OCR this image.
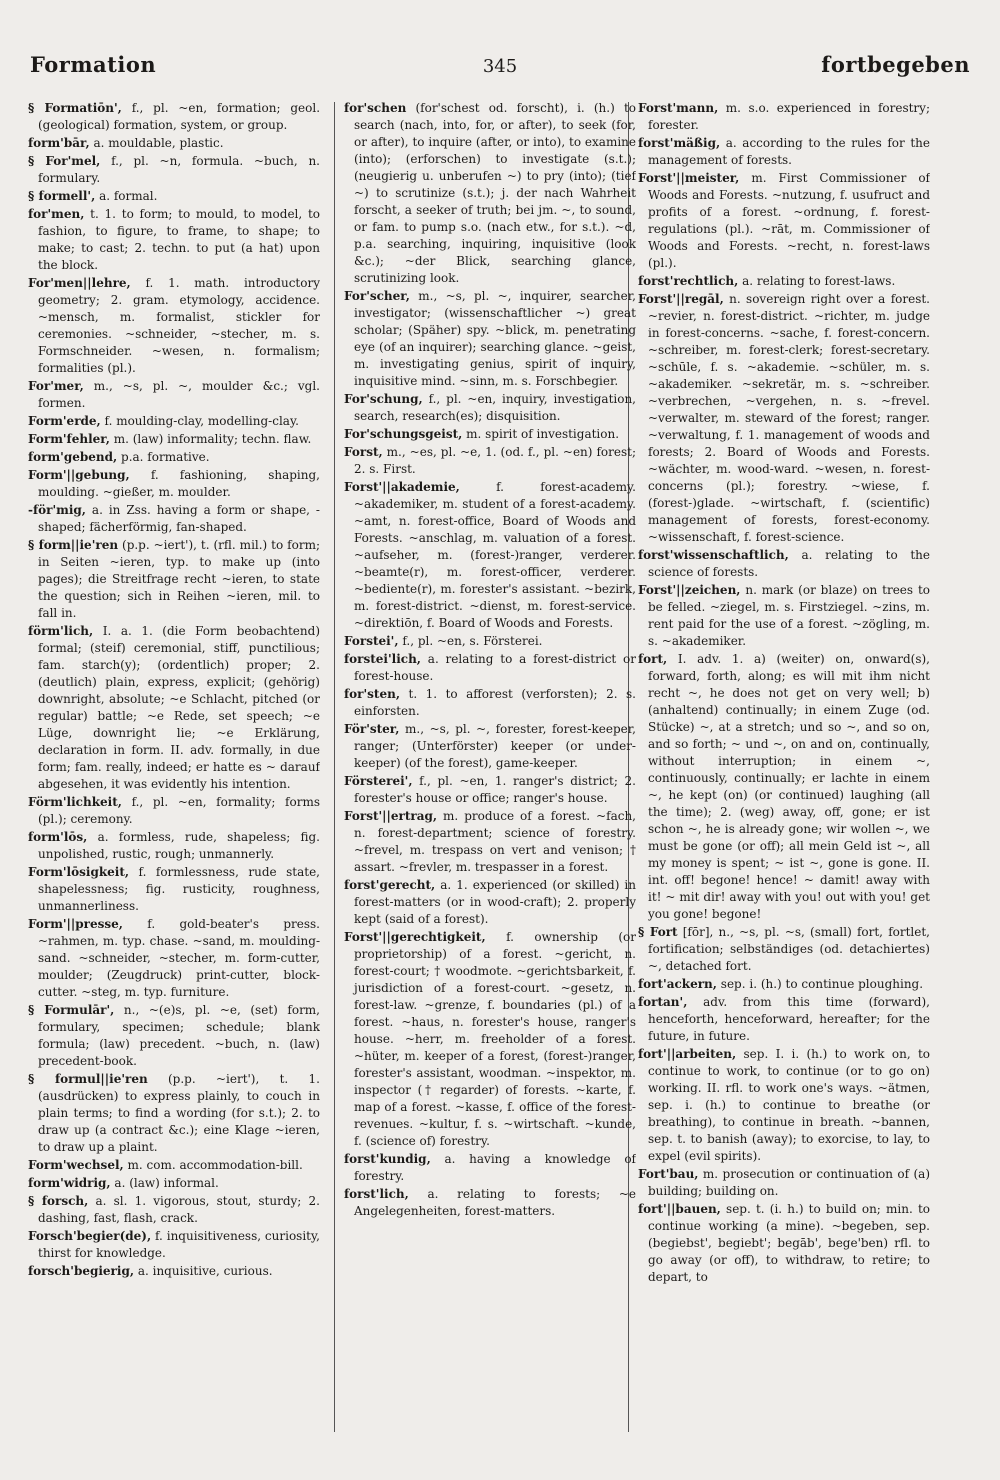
Formation	345	fortbegeben

§ Formatiōn', f., pl. ~en, formation; geol. (geological) formation, system, or group.

form'bār, a. mouldable, plastic.

§ For'mel, f., pl. ~n, formula. ~buch, n. formulary.

§ formell', a. formal.

for'men, t. 1. to form; to mould, to model, to fashion, to figure, to frame, to shape; to make; to cast; 2. techn. to put (a hat) upon the block.

For'men||lehre, f. 1. math. introductory geometry; 2. gram. etymology, accidence. ~mensch, m. formalist, stickler for ceremonies. ~schneider, ~stecher, m. s. Formschneider. ~wesen, n. formalism; formalities (pl.).

For'mer, m., ~s, pl. ~, moulder &c.; vgl. formen.

Form'erde, f. moulding-clay, modelling-clay.

Form'fehler, m. (law) informality; techn. flaw.

form'gebend, p.a. formative.

Form'||gebung, f. fashioning, shaping, moulding. ~gießer, m. moulder.

-för'mig, a. in Zss. having a form or shape, -shaped; fächerförmig, fan-shaped.

§ form||ie'ren (p.p. ~iert'), t. (rfl. mil.) to form; in Seiten ~ieren, typ. to make up (into pages); die Streitfrage recht ~ieren, to state the question; sich in Reihen ~ieren, mil. to fall in.

förm'lich, I. a. 1. (die Form beobachtend) formal; (steif) ceremonial, stiff, punctilious; fam. starch(y); (ordentlich) proper; 2. (deutlich) plain, express, explicit; (gehörig) downright, absolute; ~e Schlacht, pitched (or regular) battle; ~e Rede, set speech; ~e Lüge, downright lie; ~e Erklärung, declaration in form. II. adv. formally, in due form; fam. really, indeed; er hatte es ~ darauf abgesehen, it was evidently his intention.

Förm'lichkeit, f., pl. ~en, formality; forms (pl.); ceremony.

form'lōs, a. formless, rude, shapeless; fig. unpolished, rustic, rough; unmannerly.

Form'lōsigkeit, f. formlessness, rude state, shapelessness; fig. rusticity, roughness, unmannerliness.

Form'||presse, f. gold-beater's press. ~rahmen, m. typ. chase. ~sand, m. moulding-sand. ~schneider, ~stecher, m. form-cutter, moulder; (Zeugdruck) print-cutter, block-cutter. ~steg, m. typ. furniture.

§ Formulār', n., ~(e)s, pl. ~e, (set) form, formulary, specimen; schedule; blank formula; (law) precedent. ~buch, n. (law) precedent-book.

§ formul||ie'ren (p.p. ~iert'), t. 1. (ausdrücken) to express plainly, to couch in plain terms; to find a wording (for s.t.); 2. to draw up (a contract &c.); eine Klage ~ieren, to draw up a plaint.

Form'wechsel, m. com. accommodation-bill.

form'widrig, a. (law) informal.

§ forsch, a. sl. 1. vigorous, stout, sturdy; 2. dashing, fast, flash, crack.

Forsch'begier(de), f. inquisitiveness, curiosity, thirst for knowledge.

forsch'begierig, a. inquisitive, curious.

for'schen (for'schest od. forscht), i. (h.) to search (nach, into, for, or after), to seek (for, or after), to inquire (after, or into), to examine (into); (erforschen) to investigate (s.t.); (neugierig u. unberufen ~) to pry (into); (tief ~) to scrutinize (s.t.); j. der nach Wahrheit forscht, a seeker of truth; bei jm. ~, to sound, or fam. to pump s.o. (nach etw., for s.t.). ~d, p.a. searching, inquiring, inquisitive (look &c.); ~der Blick, searching glance, scrutinizing look.

For'scher, m., ~s, pl. ~, inquirer, searcher, investigator; (wissenschaftlicher ~) great scholar; (Späher) spy. ~blick, m. penetrating eye (of an inquirer); searching glance. ~geist, m. investigating genius, spirit of inquiry, inquisitive mind. ~sinn, m. s. Forschbegier.

For'schung, f., pl. ~en, inquiry, investigation, search, research(es); disquisition.

For'schungsgeist, m. spirit of investigation.

Forst, m., ~es, pl. ~e, 1. (od. f., pl. ~en) forest; 2. s. First.

Forst'||akademie, f. forest-academy. ~akademiker, m. student of a forest-academy. ~amt, n. forest-office, Board of Woods and Forests. ~anschlag, m. valuation of a forest. ~aufseher, m. (forest-)ranger, verderer. ~beamte(r), m. forest-officer, verderer. ~bediente(r), m. forester's assistant. ~bezirk, m. forest-district. ~dienst, m. forest-service. ~direktiōn, f. Board of Woods and Forests.

Forstei', f., pl. ~en, s. Försterei.

forstei'lich, a. relating to a forest-district or forest-house.

for'sten, t. 1. to afforest (verforsten); 2. s. einforsten.

För'ster, m., ~s, pl. ~, forester, forest-keeper, ranger; (Unterförster) keeper (or under-keeper) (of the forest), game-keeper.

Försterei', f., pl. ~en, 1. ranger's district; 2. forester's house or office; ranger's house.

Forst'||ertrag, m. produce of a forest. ~fach, n. forest-department; science of forestry. ~frevel, m. trespass on vert and venison; † assart. ~frevler, m. trespasser in a forest.

forst'gerecht, a. 1. experienced (or skilled) in forest-matters (or in wood-craft); 2. properly kept (said of a forest).

Forst'||gerechtigkeit, f. ownership (or proprietorship) of a forest. ~gericht, n. forest-court; † woodmote. ~gerichtsbarkeit, f. jurisdiction of a forest-court. ~gesetz, n. forest-law. ~grenze, f. boundaries (pl.) of a forest. ~haus, n. forester's house, ranger's house. ~herr, m. freeholder of a forest. ~hüter, m. keeper of a forest, (forest-)ranger, forester's assistant, woodman. ~inspektor, m. inspector († regarder) of forests. ~karte, f. map of a forest. ~kasse, f. office of the forest-revenues. ~kultur, f. s. ~wirtschaft. ~kunde, f. (science of) forestry.

forst'kundig, a. having a knowledge of forestry.

forst'lich, a. relating to forests; ~e Angelegenheiten, forest-matters.

Forst'mann, m. s.o. experienced in forestry; forester.

forst'mäßig, a. according to the rules for the management of forests.

Forst'||meister, m. First Commissioner of Woods and Forests. ~nutzung, f. usufruct and profits of a forest. ~ordnung, f. forest-regulations (pl.). ~rāt, m. Commissioner of Woods and Forests. ~recht, n. forest-laws (pl.).

forst'rechtlich, a. relating to forest-laws.

Forst'||regāl, n. sovereign right over a forest. ~revier, n. forest-district. ~richter, m. judge in forest-concerns. ~sache, f. forest-concern. ~schreiber, m. forest-clerk; forest-secretary. ~schūle, f. s. ~akademie. ~schüler, m. s. ~akademiker. ~sekretär, m. s. ~schreiber. ~verbrechen, ~vergehen, n. s. ~frevel. ~verwalter, m. steward of the forest; ranger. ~verwaltung, f. 1. management of woods and forests; 2. Board of Woods and Forests. ~wächter, m. wood-ward. ~wesen, n. forest-concerns (pl.); forestry. ~wiese, f. (forest-)glade. ~wirtschaft, f. (scientific) management of forests, forest-economy. ~wissenschaft, f. forest-science.

forst'wissenschaftlich, a. relating to the science of forests.

Forst'||zeichen, n. mark (or blaze) on trees to be felled. ~ziegel, m. s. Firstziegel. ~zins, m. rent paid for the use of a forest. ~zögling, m. s. ~akademiker.

fort, I. adv. 1. a) (weiter) on, onward(s), forward, forth, along; es will mit ihm nicht recht ~, he does not get on very well; b) (anhaltend) continually; in einem Zuge (od. Stücke) ~, at a stretch; und so ~, and so on, and so forth; ~ und ~, on and on, continually, without interruption; in einem ~, continuously, continually; er lachte in einem ~, he kept (on) (or continued) laughing (all the time); 2. (weg) away, off, gone; er ist schon ~, he is already gone; wir wollen ~, we must be gone (or off); all mein Geld ist ~, all my money is spent; ~ ist ~, gone is gone. II. int. off! begone! hence! ~ damit! away with it! ~ mit dir! away with you! out with you! get you gone! begone!

§ Fort [fōr], n., ~s, pl. ~s, (small) fort, fortlet, fortification; selbständiges (od. detachiertes) ~, detached fort.

fort'ackern, sep. i. (h.) to continue ploughing.

fortan', adv. from this time (forward), henceforth, henceforward, hereafter; for the future, in future.

fort'||arbeiten, sep. I. i. (h.) to work on, to continue to work, to continue (or to go on) working. II. rfl. to work one's ways. ~ätmen, sep. i. (h.) to continue to breathe (or breathing), to continue in breath. ~bannen, sep. t. to banish (away); to exorcise, to lay, to expel (evil spirits).

Fort'bau, m. prosecution or continuation of (a) building; building on.

fort'||bauen, sep. t. (i. h.) to build on; min. to continue working (a mine). ~begeben, sep. (begiebst', begiebt'; begāb', bege'ben) rfl. to go away (or off), to withdraw, to retire; to depart, to
